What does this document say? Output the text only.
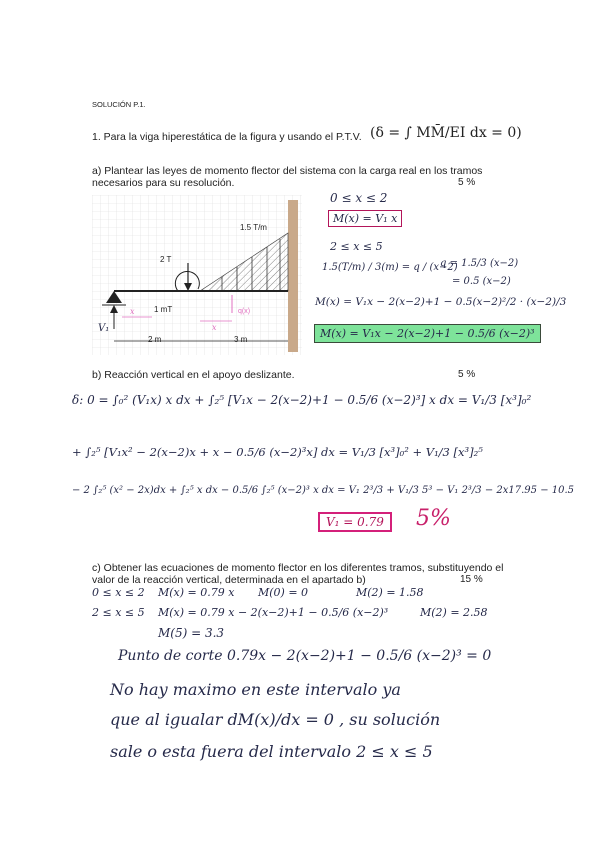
SOLUCIÓN P.1.
1. Para la viga hiperestática de la figura y usando el P.T.V. (δ = ∫ MM̄/EI dx = 0)
a) Plantear las leyes de momento flector del sistema con la carga real en los tramos
necesarios para su resolución.	5 %
0 ≤ x ≤ 2
M(x) = V₁ x
2 ≤ x ≤ 5
1.5(T/m) / 3(m) = q / (x−2)
q = 1.5/3 (x−2)
= 0.5 (x−2)
M(x) = V₁x − 2(x−2)+1 − 0.5(x−2)²/2 · (x−2)/3
M(x) = V₁x − 2(x−2)+1 − 0.5/6 (x−2)³
1.5 T/m
2 T
1 mT
2 m	3 m
q(x)
x
x
V₁
b) Reacción vertical en el apoyo deslizante.	5 %
δ: 0 = ∫₀² (V₁x) x dx + ∫₂⁵ [V₁x − 2(x−2)+1 − 0.5/6 (x−2)³] x dx = V₁/3 [x³]₀²
+ ∫₂⁵ [V₁x² − 2(x−2)x + x − 0.5/6 (x−2)³x] dx = V₁/3 [x³]₀² + V₁/3 [x³]₂⁵
− 2 ∫₂⁵ (x² − 2x)dx + ∫₂⁵ x dx − 0.5/6 ∫₂⁵ (x−2)³ x dx = V₁ 2³/3 + V₁/3 5³ − V₁ 2³/3 − 2x17.95 − 10.5
V₁ = 0.79	5%
c) Obtener las ecuaciones de momento flector en los diferentes tramos, substituyendo el
valor de la reacción vertical, determinada en el apartado b)	15 %
0 ≤ x ≤ 2 M(x) = 0.79 x M(0) = 0	M(2) = 1.58
2 ≤ x ≤ 5 M(x) = 0.79 x − 2(x−2)+1 − 0.5/6 (x−2)³	M(2) = 2.58
M(5) = 3.3
Punto de corte 0.79x − 2(x−2)+1 − 0.5/6 (x−2)³ = 0
No hay maximo en este intervalo ya
que al igualar dM(x)/dx = 0 , su solución
sale o esta fuera del intervalo 2 ≤ x ≤ 5
